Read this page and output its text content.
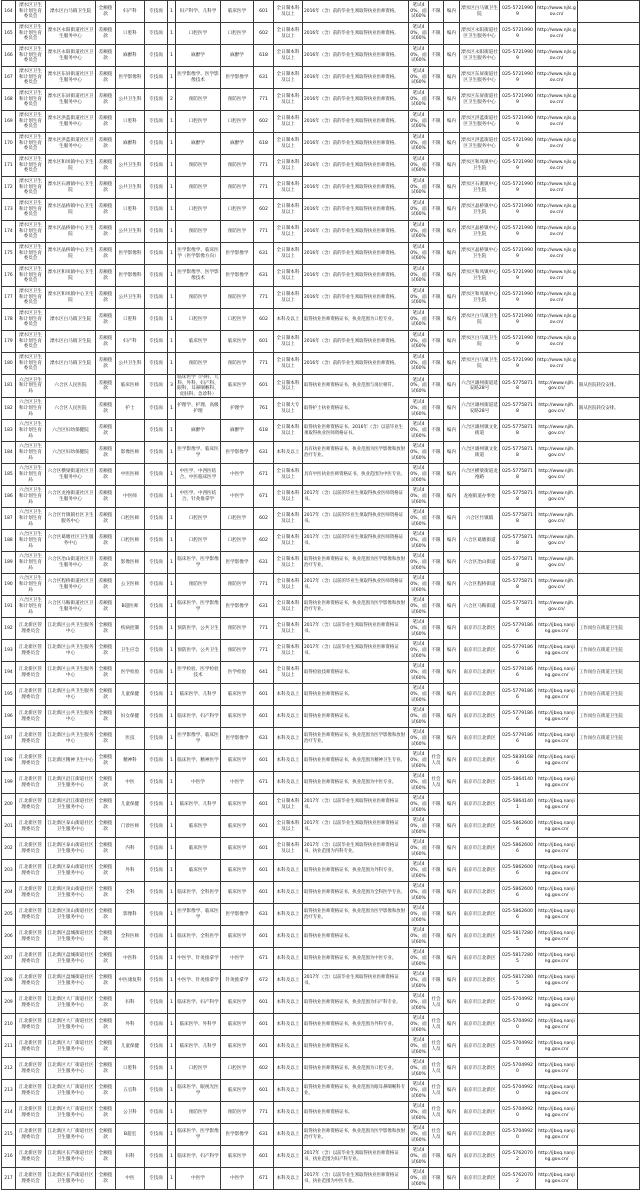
164	溧水区卫生和计划生育委员会	溧水区白马镇卫生院	全额拨款	妇产科	专技岗	1	妇产科学、儿科学	临床医学	601	全日制本科及以上	2016年（含）前的毕业生须取得执业医师资格。	笔试40%，面试60%	不限	编内	溧水区白马镇卫生院	025-57219909	http://www.njls.gov.cn/	
165	溧水区卫生和计划生育委员会	溧水区永阳街道社区卫生服务中心	差额拨款	口腔科	专技岗	1	口腔医学	口腔医学	602	全日制本科及以上	2016年（含）前的毕业生须取得执业医师资格。	笔试40%，面试60%	不限	编内	溧水区永阳街道社区卫生服务中心	025-57219909	http://www.njls.gov.cn/	
166	溧水区卫生和计划生育委员会	溧水区永阳街道社区卫生服务中心	差额拨款	麻醉科	专技岗	1	麻醉学	麻醉学	618	全日制本科及以上	2016年（含）前的毕业生须取得执业医师资格。	笔试40%，面试60%	不限	编内	溧水区永阳街道社区卫生服务中心	025-57219909	http://www.njls.gov.cn/	
167	溧水区卫生和计划生育委员会	溧水区东屏街道社区卫生服务中心	差额拨款	医学影像科	专技岗	1	医学影像学、医学影像技术	医学影像学	631	全日制本科及以上	2016年（含）前的毕业生须取得执业医师资格。	笔试40%，面试60%	不限	编内	溧水区东屏街道社区卫生服务中心	025-57219909	http://www.njls.gov.cn/	
168	溧水区卫生和计划生育委员会	溧水区东屏街道社区卫生服务中心	差额拨款	公共卫生科	专技岗	2	预防医学	预防医学	771	全日制本科及以上	2016年（含）前的毕业生须取得执业医师资格。	笔试40%，面试60%	不限	编内	溧水区东屏街道社区卫生服务中心	025-57219909	http://www.njls.gov.cn/	
169	溧水区卫生和计划生育委员会	溧水区洪蓝街道社区卫生服务中心	差额拨款	口腔科	专技岗	1	口腔医学	口腔医学	602	全日制本科及以上	2016年（含）前的毕业生须取得执业医师资格。	笔试40%，面试60%	不限	编内	溧水区洪蓝街道社区卫生服务中心	025-57219909	http://www.njls.gov.cn/	
170	溧水区卫生和计划生育委员会	溧水区洪蓝街道社区卫生服务中心	差额拨款	麻醉科	专技岗	1	麻醉学	麻醉学	618	全日制本科及以上	2016年（含）前的毕业生须取得执业医师资格。	笔试40%，面试60%	不限	编内	溧水区洪蓝街道社区卫生服务中心	025-57219909	http://www.njls.gov.cn/	
171	溧水区卫生和计划生育委员会	溧水区和凤镇中心卫生院	差额拨款	公共卫生科	专技岗	1	预防医学	预防医学	771	全日制本科及以上	2016年（含）前的毕业生须取得执业医师资格。	笔试40%，面试60%	不限	编内	溧水区和凤镇中心卫生院	025-57219909	http://www.njls.gov.cn/	
172	溧水区卫生和计划生育委员会	溧水区石湫镇中心卫生院	差额拨款	公共卫生科	专技岗	1	预防医学	预防医学	771	全日制本科及以上	2016年（含）前的毕业生须取得执业医师资格。	笔试40%，面试60%	不限	编内	溧水区石湫镇中心卫生院	025-57219909	http://www.njls.gov.cn/	
173	溧水区卫生和计划生育委员会	溧水区晶桥镇中心卫生院	差额拨款	口腔科	专技岗	1	口腔医学	口腔医学	602	全日制本科及以上	2016年（含）前的毕业生须取得执业医师资格。	笔试40%，面试60%	不限	编内	溧水区晶桥镇中心卫生院	025-57219909	http://www.njls.gov.cn/	
174	溧水区卫生和计划生育委员会	溧水区晶桥镇中心卫生院	差额拨款	公共卫生科	专技岗	1	预防医学	预防医学	771	全日制本科及以上	2016年（含）前的毕业生须取得执业医师资格。	笔试40%，面试60%	不限	编内	溧水区晶桥镇中心卫生院	025-57219909	http://www.njls.gov.cn/	
175	溧水区卫生和计划生育委员会	溧水区晶桥镇中心卫生院	差额拨款	医学影像科	专技岗	1	医学影像学、临床医学（医学影像方向）	医学影像学	631	全日制本科及以上	2016年（含）前的毕业生须取得执业医师资格。	笔试40%，面试60%	不限	编内	溧水区晶桥镇中心卫生院	025-57219909	http://www.njls.gov.cn/	
176	溧水区卫生和计划生育委员会	溧水区和凤镇中心卫生院	差额拨款	医学影像科	专技岗	1	医学影像学、医学影像技术	医学影像学	631	全日制本科及以上	2016年（含）前的毕业生须取得执业医师资格。	笔试40%，面试60%	不限	编内	溧水区和凤镇中心卫生院	025-57219909	http://www.njls.gov.cn/	
177	溧水区卫生和计划生育委员会	溧水区和凤镇中心卫生院	差额拨款	公共卫生科	专技岗	1	预防医学	预防医学	771	全日制本科及以上	2016年（含）前的毕业生须取得执业医师资格。	笔试40%，面试60%	不限	编内	溧水区和凤镇中心卫生院	025-57219909	http://www.njls.gov.cn/	
178	溧水区卫生和计划生育委员会	溧水区白马镇卫生院	差额拨款	口腔科	专技岗	1	口腔医学	口腔医学	602	本科及以上	取得执业医师资格证书，执业范围为口腔专业。	笔试40%，面试60%	不限	编内	溧水区白马镇卫生院	025-57219909	http://www.njls.gov.cn/	
179	溧水区卫生和计划生育委员会	溧水区白马镇卫生院	差额拨款	妇产科	专技岗	1	临床医学	临床医学	601	全日制本科及以上	2016年（含）前的毕业生须取得执业医师资格。	笔试40%，面试60%	不限	编内	溧水区白马镇卫生院	025-57219909	http://www.njls.gov.cn/	
180	溧水区卫生和计划生育委员会	溧水区白马镇卫生院	差额拨款	公共卫生科	专技岗	1	预防医学	预防医学	771	全日制本科及以上	2016年（含）前的毕业生须取得执业医师资格。	笔试40%，面试60%	不限	编内	溧水区白马镇卫生院	025-57219909	http://www.njls.gov.cn/	
181	六合区卫生和计划生育局	六合区人民医院	差额拨款	临床医师	专技岗	3	临床医学（内科、儿科、外科、妇产科、眼科、耳鼻咽喉科、皮肤科、急诊科）	临床医学	601	全日制本科及以上	取得执业医师资格证书，执业范围与岗位相符。	笔试40%，面试60%	不限	编内	六合区雄州街道延安路28号	025-57758718	http://www.njlh.gov.cn/	限从医院转仪安排。
182	六合区卫生和计划生育局	六合区人民医院	差额拨款	护士	专技岗	1	护理学、护理、高级护理	护理学	761	全日制大专及以上	取得护士执业资格证书。	笔试40%，面试60%	不限	编内	六合区雄州街道延安路28号	025-57758718	http://www.njlh.gov.cn/	限从医院转仪安排。
183	六合区卫生和计划生育局	六合区妇幼保健院	差额拨款		专技岗	1	麻醉学	麻醉学	618	全日制本科及以上	取得执业医师资格证书，2016年（含）以前毕业生须取得执业医师资格证书。	笔试40%，面试60%	不限	编内	六合区雄州镇文化街道	025-57758718	http://www.njlh.gov.cn/	
184	六合区卫生和计划生育局	六合区妇幼保健院	差额拨款	影像医师	专技岗	1	医学影像学、临床医学	医学影像学	631	本科及以上	具有执业医师资格证书，执业范围为医学影像和放射治疗专业。	笔试40%，面试60%	不限	编内	六合区雄州镇文化街道	025-57758718	http://www.njlh.gov.cn/	
185	六合区卫生和计划生育局	六合区横梁街道社区卫生服务中心	差额拨款	中医医师	专技岗	1	中医学、中西医结合、中医临床医学	中医学	671	全日制本科及以上	具有中医执业医师资格证书，执业范围为中医专业。	笔试40%，面试60%	不限	编内	六合区横梁街道龙袍路	025-57758718	http://www.njlh.gov.cn/	
186	六合区卫生和计划生育局	六合区龙袍街道社区卫生服务中心	差额拨款	中医师	专技岗	1	中医学、中西医结合、针灸推拿学	中医学	671	全日制本科及以上	2017年（含）以前的毕业生须取得执业医师资格证书。	笔试40%，面试60%	不限	编内	龙袍街道办事处	025-57758718	http://www.njlh.gov.cn/	
187	六合区卫生和计划生育局	六合区竹镇镇社区卫生服务中心	差额拨款	口腔医师	专技岗	1	口腔医学	口腔医学	602	全日制本科及以上	2017年（含）以前的毕业生须取得执业医师资格证书。	笔试40%，面试60%	不限	编内	六合区竹镇镇	025-57758718	http://www.njlh.gov.cn/	
188	六合区卫生和计划生育局	六合区葛塘社区卫生服务中心	差额拨款	口腔医师	专技岗	1	口腔医学	口腔医学	602	全日制本科及以上	2017年（含）以前的毕业生须取得执业医师资格证书。	笔试40%，面试60%	不限	编内	六合区葛塘街道	025-57758718	http://www.njlh.gov.cn/	
189	六合区卫生和计划生育局	六合区冶山街道社区卫生服务中心	差额拨款	影像医师	专技岗	1	临床医学、医学影像学	医学影像学	631	全日制本科及以上	取得执业医师资格证书，执业范围为医学影像和放射治疗专业。	笔试40%，面试60%	不限	编内	六合区冶山街道	025-57758718	http://www.njlh.gov.cn/	
190	六合区卫生和计划生育局	六合区程桥街道社区卫生服务中心	差额拨款	公卫医师	专技岗	1	预防医学	预防医学	771	全日制本科及以上	2017年（含）以前的毕业生须取得执业医师资格证书。	笔试40%，面试60%	不限	编内	六合区程桥街道	025-57758718	http://www.njlh.gov.cn/	
191	六合区卫生和计划生育局	六合区马鞍街道社区卫生服务中心	差额拨款	B超医师	专技岗	1	临床医学、医学影像学	医学影像学	631	全日制本科及以上	取得执业医师资格证书，执业范围为医学影像和放射治疗专业。	笔试40%，面试60%	不限	编内	六合区马鞍街道	025-57758718	http://www.njlh.gov.cn/	
192	江北新区管理委员会	江北新区公共卫生服务中心	全额拨款	疾病控制	专技岗	1	预防医学、公共卫生	预防医学	771	全日制本科及以上	2017年（含）以前毕业生须取得执业医师资格证书。	笔试40%，面试60%	不限	编内	南京市江北新区	025-57791866	http://jbxq.nanjing.gov.cn/	工作岗位在街道卫生院
193	江北新区管理委员会	江北新区公共卫生服务中心	全额拨款	卫生应急	专技岗	1	预防医学、公共卫生	预防医学	771	全日制本科及以上	2017年（含）以前毕业生须取得执业医师资格证书。	笔试40%，面试60%	不限	编内	南京市江北新区	025-57791866	http://jbxq.nanjing.gov.cn/	工作岗位在街道卫生院
194	江北新区管理委员会	江北新区公共卫生服务中心	全额拨款	医学检验	专技岗	1	医学检验、医学检验技术	医学检验	641	全日制本科及以上	取得检验技师资格证书。	笔试40%，面试60%	不限	编内	南京市江北新区	025-57791866	http://jbxq.nanjing.gov.cn/	工作岗位在街道卫生院
195	江北新区管理委员会	江北新区公共卫生服务中心	全额拨款	儿童保健	专技岗	1	临床医学、儿科学	临床医学	601	本科及以上	取得执业医师资格证书。	笔试40%，面试60%	不限	编内	南京市江北新区	025-57791866	http://jbxq.nanjing.gov.cn/	工作岗位在街道卫生院
196	江北新区管理委员会	江北新区公共卫生服务中心	全额拨款	妇女保健	专技岗	1	临床医学、妇产科学	临床医学	601	本科及以上	取得执业医师资格证书。	笔试40%，面试60%	不限	编内	南京市江北新区	025-57791866	http://jbxq.nanjing.gov.cn/	工作岗位在街道卫生院
197	江北新区管理委员会	江北新区公共卫生服务中心	全额拨款	医技	专技岗	1	医学影像学、临床医学	医学影像学	631	本科及以上	取得执业医师资格证书，执业范围为医学影像和放射治疗专业。	笔试40%，面试60%	不限	编内	南京市江北新区	025-57791866	http://jbxq.nanjing.gov.cn/	工作岗位在街道卫生院
198	江北新区管理委员会	江北新区精神卫生中心	全额拨款	精神科	专技岗	1	临床医学、精神医学	临床医学	601	本科及以上	取得执业医师资格证书，执业范围为精神卫生专业。	笔试40%，面试60%	社会人员	编内	南京市江北新区	025-58391686	http://jbxq.nanjing.gov.cn/	
199	江北新区管理委员会	江北新区沿江街道社区卫生服务中心	全额拨款	中医	专技岗	1	中医学	中医学	671	本科及以上	取得执业医师资格证书，执业范围为中医专业。	笔试40%，面试60%	社会人员	编内	南京市江北新区	025-58641401	http://jbxq.nanjing.gov.cn/	
200	江北新区管理委员会	江北新区沿江街道社区卫生服务中心	全额拨款	儿童保健	专技岗	1	临床医学、儿科学	临床医学	601	全日制本科及以上	2017年（含）以前毕业生须取得执业医师资格证书。	笔试40%，面试60%	不限	编内	南京市江北新区	025-58641401	http://jbxq.nanjing.gov.cn/	
201	江北新区管理委员会	江北新区泰山街道社区卫生服务中心	全额拨款	门诊医师	专技岗	1	临床医学	临床医学	601	全日制本科及以上	2017年（含）以前毕业生须取得执业医师资格证书。	笔试40%，面试60%	不限	编内	南京市江北新区	025-58626006	http://jbxq.nanjing.gov.cn/	
202	江北新区管理委员会	江北新区泰山街道社区卫生服务中心	全额拨款	内科	专技岗	1	临床医学	临床医学	601	全日制本科及以上	2017年（含）以前毕业生须取得执业医师资格证书，执业范围为内科专业。	笔试40%，面试60%	不限	编内	南京市江北新区	025-58626006	http://jbxq.nanjing.gov.cn/	
203	江北新区管理委员会	江北新区泰山街道社区卫生服务中心	全额拨款	外科	专技岗	1	临床医学	临床医学	601	本科及以上	取得执业医师资格证书，执业范围为外科专业。	笔试40%，面试60%	不限	编内	南京市江北新区	025-58626006	http://jbxq.nanjing.gov.cn/	
204	江北新区管理委员会	江北新区顶山街道社区卫生服务中心	全额拨款	全科	专技岗	1	临床医学、全科医学	临床医学	601	本科及以上	取得执业医师资格证书，执业范围为全科医学专业。	笔试40%，面试60%	不限	编内	南京市江北新区	025-58626006	http://jbxq.nanjing.gov.cn/	
205	江北新区管理委员会	江北新区顶山街道社区卫生服务中心	全额拨款	影像科	专技岗	1	医学影像学、临床医学	医学影像学	631	本科及以上	取得执业医师资格证书，执业范围为医学影像和放射治疗专业。	笔试40%，面试60%	不限	编内	南京市江北新区	025-58626006	http://jbxq.nanjing.gov.cn/	
206	江北新区管理委员会	江北新区盘城街道社区卫生服务中心	全额拨款	全科医师	专技岗	1	临床医学、全科医学	临床医学	601	本科及以上	取得执业医师资格证书。	笔试40%，面试60%	不限	编内	南京市江北新区	025-58172805	http://jbxq.nanjing.gov.cn/	
207	江北新区管理委员会	江北新区盘城街道社区卫生服务中心	全额拨款	中医科	专技岗	1	中医学、针灸推拿学	中医学	671	本科及以上	取得执业医师资格证书，执业范围为中医专业。	笔试40%，面试60%	不限	编内	南京市江北新区	025-58172805	http://jbxq.nanjing.gov.cn/	
208	江北新区管理委员会	江北新区盘城街道社区卫生服务中心	全额拨款	中医康复科	专技岗	1	中医学、针灸推拿学	针灸推拿学	672	本科及以上	2017年（含）以前毕业生须取得执业医师资格证书。	笔试40%，面试60%	不限	编内	南京市江北新区	025-58172805	http://jbxq.nanjing.gov.cn/	
209	江北新区管理委员会	江北新区大厂街道社区卫生服务中心	全额拨款	妇科	专技岗	1	临床医学、妇产科学	临床医学	601	本科及以上	取得执业医师资格证书，执业范围为妇产科专业。	笔试40%，面试60%	社会人员	编内	南京市江北新区	025-57049920	http://jbxq.nanjing.gov.cn/	
210	江北新区管理委员会	江北新区大厂街道社区卫生服务中心	全额拨款	外科	专技岗	1	临床医学、外科学	临床医学	601	本科及以上	取得执业医师资格证书，执业范围为外科专业。	笔试40%，面试60%	社会人员	编内	南京市江北新区	025-57049920	http://jbxq.nanjing.gov.cn/	
211	江北新区管理委员会	江北新区大厂街道社区卫生服务中心	全额拨款	儿童保健	专技岗	1	临床医学、儿科学	临床医学	601	本科及以上	取得执业医师资格证书。	笔试40%，面试60%	社会人员	编内	南京市江北新区	025-57049920	http://jbxq.nanjing.gov.cn/	
212	江北新区管理委员会	江北新区大厂街道社区卫生服务中心	全额拨款	口腔科	专技岗	1	口腔医学	口腔医学	602	本科及以上	取得执业医师资格证书，执业范围为口腔专业。	笔试40%，面试60%	社会人员	编内	南京市江北新区	025-57049920	http://jbxq.nanjing.gov.cn/	
213	江北新区管理委员会	江北新区大厂街道社区卫生服务中心	全额拨款	五官科	专技岗	1	临床医学、眼视光医学	临床医学	601	本科及以上	取得执业医师资格证书，执业范围为眼耳鼻咽喉科专业。	笔试40%，面试60%	社会人员	编内	南京市江北新区	025-57049920	http://jbxq.nanjing.gov.cn/	
214	江北新区管理委员会	江北新区大厂街道社区卫生服务中心	全额拨款	公卫科	专技岗	1	预防医学	预防医学	771	本科及以上	取得执业医师资格证书。	笔试40%，面试60%	社会人员	编内	南京市江北新区	025-57049920	http://jbxq.nanjing.gov.cn/	
215	江北新区管理委员会	江北新区大厂街道社区卫生服务中心	全额拨款	B超室	专技岗	1	临床医学、医学影像学	医学影像学	631	本科及以上	取得执业医师资格证书，执业范围为医学影像和放射治疗专业。	笔试40%，面试60%	社会人员	编内	南京市江北新区	025-57049920	http://jbxq.nanjing.gov.cn/	
216	江北新区管理委员会	江北新区长芦街道社区卫生服务中心	全额拨款	妇科	专技岗	1	临床医学、妇产科学	临床医学	601	本科及以上	2017年（含）以前毕业生须取得执业医师资格证书，执业范围为妇产科专业。	笔试40%，面试60%	不限	编内	南京市江北新区	025-57620702	http://jbxq.nanjing.gov.cn/	
217	江北新区管理委员会	江北新区长芦街道社区卫生服务中心	全额拨款	中医	专技岗	1	中医学	中医学	671	本科及以上	2017年（含）以前毕业生须取得执业医师资格证书，执业范围为中医专业。	笔试40%，面试60%	不限	编内	南京市江北新区	025-57620702	http://jbxq.nanjing.gov.cn/	
